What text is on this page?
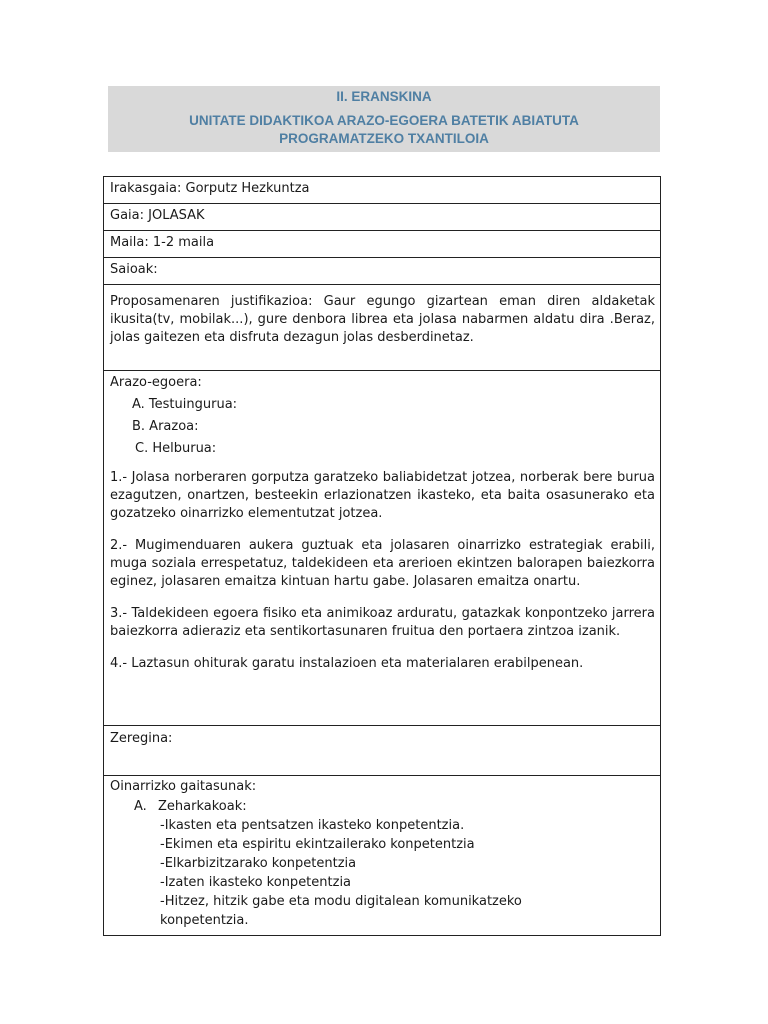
II. ERANSKINA
UNITATE DIDAKTIKOA ARAZO-EGOERA BATETIK ABIATUTA
PROGRAMATZEKO TXANTILOIA
Irakasgaia: Gorputz Hezkuntza
Gaia: JOLASAK
Maila: 1-2 maila
Saioak:

Proposamenaren justifikazioa: Gaur egungo gizartean eman diren aldaketak ikusita(tv, mobilak...), gure denbora librea eta jolasa nabarmen aldatu dira .Beraz, jolas gaitezen eta disfruta dezagun jolas desberdinetaz.

Arazo-egoera:
A. Testuingurua:
B. Arazoa:
C. Helburua:

1.- Jolasa norberaren gorputza garatzeko baliabidetzat jotzea, norberak bere burua ezagutzen, onartzen, besteekin erlazionatzen ikasteko, eta baita osasunerako eta gozatzeko oinarrizko elementutzat jotzea.

2.- Mugimenduaren aukera guztuak eta jolasaren oinarrizko estrategiak erabili, muga soziala errespetatuz, taldekideen eta arerioen ekintzen balorapen baiezkorra eginez, jolasaren emaitza kintuan hartu gabe. Jolasaren emaitza onartu.

3.- Taldekideen egoera fisiko eta animikoaz arduratu, gatazkak konpontzeko jarrera baiezkorra adieraziz eta sentikortasunaren fruitua den portaera zintzoa izanik.

4.- Laztasun ohiturak garatu instalazioen eta materialaren erabilpenean.

Zeregina:
Oinarrizko gaitasunak:
A. Zeharkakoak:
-Ikasten eta pentsatzen ikasteko konpetentzia.
-Ekimen eta espiritu ekintzailerako konpetentzia
-Elkarbizitzarako konpetentzia
-Izaten ikasteko konpetentzia
-Hitzez, hitzik gabe eta modu digitalean komunikatzeko
konpetentzia.
